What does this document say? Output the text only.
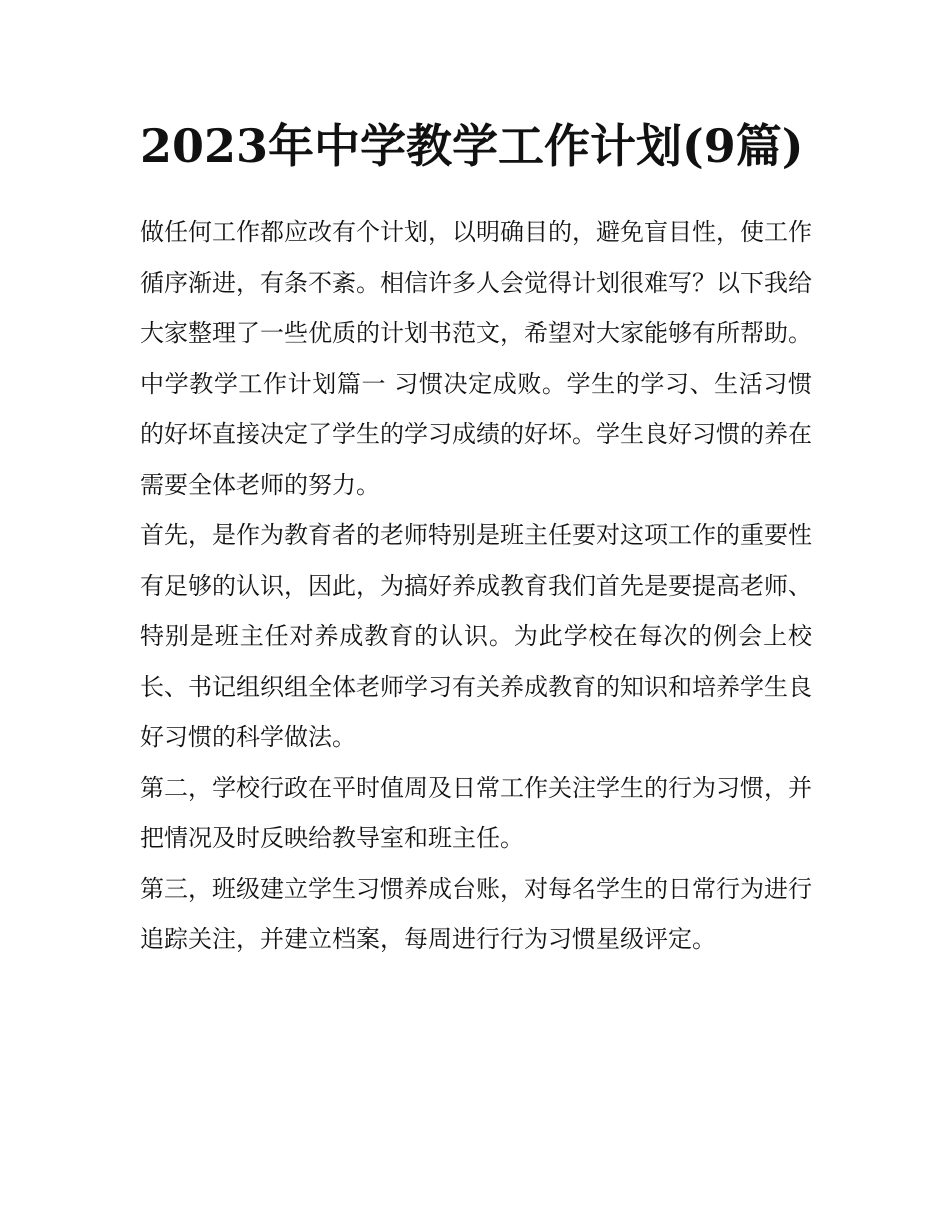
2023年中学教学工作计划(9篇)

做任何工作都应改有个计划，以明确目的，避免盲目性，使工作循序渐进，有条不紊。相信许多人会觉得计划很难写？以下我给大家整理了一些优质的计划书范文，希望对大家能够有所帮助。

中学教学工作计划篇一 习惯决定成败。学生的学习、生活习惯的好坏直接决定了学生的学习成绩的好坏。学生良好习惯的养在需要全体老师的努力。

首先，是作为教育者的老师特别是班主任要对这项工作的重要性有足够的认识，因此，为搞好养成教育我们首先是要提高老师、特别是班主任对养成教育的认识。为此学校在每次的例会上校长、书记组织组全体老师学习有关养成教育的知识和培养学生良好习惯的科学做法。

第二，学校行政在平时值周及日常工作关注学生的行为习惯，并把情况及时反映给教导室和班主任。

第三，班级建立学生习惯养成台账，对每名学生的日常行为进行追踪关注，并建立档案，每周进行行为习惯星级评定。
